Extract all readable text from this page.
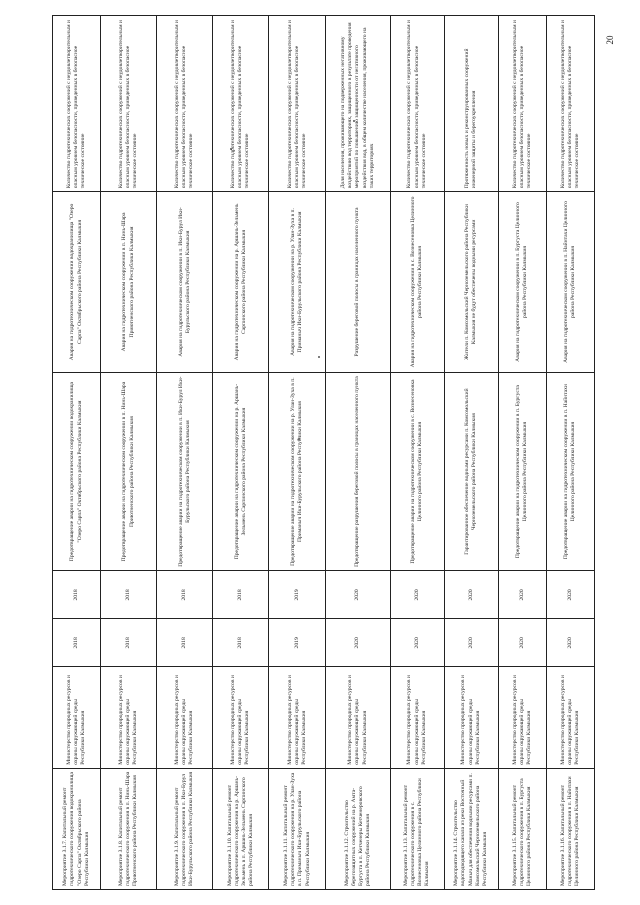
20
Мероприятие 3.1.7. Капитальный ремонт гидротехнического сооружения водохранилища "Озеро Сарпа" Октябрьского района Республики Калмыкия	Министерство природных ресурсов и охраны окружающей среды Республики Калмыкия	2018	2018	Предотвращение аварии на гидротехническом сооружении водохранилища "Озеро Сарпа" Октябрьского района Республики Калмыкия	Авария на гидротехническом сооружении водохранилища "Озеро Сарпа" Октябрьского района Республики Калмыкия	Количество гидротехнических сооружений с неудовлетворительным и опасным уровнем безопасности, приведенных в безопасное техническое состояние
Мероприятие 3.1.8. Капитальный ремонт гидротехнического сооружения в п. Нинь-Шара Приютненского района Республики Калмыкия	Министерство природных ресурсов и охраны окружающей среды Республики Калмыкия	2018	2018	Предотвращение аварии на гидротехническом сооружении в п. Нинь-Шара Приютненского района Республики Калмыкия	Авария на гидротехническом сооружении в п. Нинь-Шара Приютненского района Республики Калмыкия	Количество гидротехнических сооружений с неудовлетворительным и опасным уровнем безопасности, приведенных в безопасное техническое состояние
Мероприятие 3.1.9. Капитальный ремонт гидротехнического сооружения в п. Ики-Бурул Ики-Бурульского района Республики Калмыкия	Министерство природных ресурсов и охраны окружающей среды Республики Калмыкия	2018	2018	Предотвращение аварии на гидротехническом сооружении в п. Ики-Бурул Ики-Бурульского района Республики Калмыкия	Авария на гидротехническом сооружении в п. Ики-Бурул Ики-Бурульского района Республики Калмыкия	Количество гидротехнических сооружений с неудовлетворительным и опасным уровнем безопасности, приведенных в безопасное техническое состояние
Мероприятие 3.1.10. Капитальный ремонт гидротехнического сооружения на р. Аршань-Зельмень в п. Аршань-Зельмень Сарпинского района Республики Калмыкия	Министерство природных ресурсов и охраны окружающей среды Республики Калмыкия	2018	2018	Предотвращение аварии на гидротехническом сооружении на р. Аршань-Зельмень Сарпинского района Республики Калмыкия	Авария на гидротехническом сооружении на р. Аршань-Зельмень Сарпинского района Республики Калмыкия	Количество гидротехнических сооружений с неудовлетворительным и опасным уровнем безопасности, приведенных в безопасное техническое состояние
Мероприятие 3.1.11. Капитальный ремонт гидротехнического сооружения на р. Улан-Зуха в п. Приманыч Ики-Бурульского района Республики Калмыкия	Министерство природных ресурсов и охраны окружающей среды Республики Калмыкия	2019	2019	Предотвращение аварии на гидротехническом сооружении на р. Улан-Зуха в п. Приманыч Ики-Бурульского района Республики Калмыкия	Авария на гидротехническом сооружении на р. Улан-Зуха в п. Приманыч Ики-Бурульского района Республики Калмыкия	Количество гидротехнических сооружений с неудовлетворительным и опасным уровнем безопасности, приведенных в безопасное техническое состояние
Мероприятие 3.1.12. Строительство берегозащитных сооружений на р. Амта-Бургуста в п. Кетченеры Кетченеровского района Республики Калмыкия	Министерство природных ресурсов и охраны окружающей среды Республики Калмыкия	2020	2020	Предотвращение разрушения береговой полосы в границах населенного пункта	Разрушение береговой полосы в границах населенного пункта	Доля населения, проживающего на подверженных негативному воздействию вод территориях, защищенного в результате проведения мероприятий по повышению защищенности от негативного воздействия вод, в общем количестве населения, проживающего на таких территориях
Мероприятие 3.1.13. Капитальный ремонт гидротехнического сооружения в с. Вознесеновка Целинного района Республики Калмыкия	Министерство природных ресурсов и охраны окружающей среды Республики Калмыкия	2020	2020	Предотвращение аварии на гидротехническом сооружении в с. Вознесеновка Целинного района Республики Калмыкия	Авария на гидротехническом сооружении в с. Вознесеновка Целинного района Республики Калмыкия	Количество гидротехнических сооружений с неудовлетворительным и опасным уровнем безопасности, приведенных в безопасное техническое состояние
Мероприятие 3.1.14. Строительство водоподводящего канала из реки Восточный Маныч для обеспечения водными ресурсами п. Комсомольский Черноземельского района Республики Калмыкия	Министерство природных ресурсов и охраны окружающей среды Республики Калмыкия	2020	2020	Гарантированное обеспечение водными ресурсами п. Комсомольский Черноземельского района Республики Калмыкия	Жители п. Комсомольский Черноземельского района Республики Калмыкия не будут обеспечены водными ресурсами	Протяженность новых и реконструированных сооружений инженерной защиты и берегоукрепления
Мероприятие 3.1.15. Капитальный ремонт гидротехнического сооружения в п. Бургуста Целинного района Республики Калмыкия	Министерство природных ресурсов и охраны окружающей среды Республики Калмыкия	2020	2020	Предотвращение аварии на гидротехническом сооружении в п. Бургуста Целинного района Республики Калмыкия	Авария на гидротехническом сооружении в п. Бургуста Целинного района Республики Калмыкия	Количество гидротехнических сооружений с неудовлетворительным и опасным уровнем безопасности, приведенных в безопасное техническое состояние
Мероприятие 3.1.16. Капитальный ремонт гидротехнического сооружения в п. Найнтахи Целинного района Республики Калмыкия	Министерство природных ресурсов и охраны окружающей среды Республики Калмыкия	2020	2020	Предотвращение аварии на гидротехническом сооружении в п. Найнтахи Целинного района Республики Калмыкия	Авария на гидротехническом сооружении в п. Найнтахи Целинного района Республики Калмыкия	Количество гидротехнических сооружений с неудовлетворительным и опасным уровнем безопасности, приведенных в безопасное техническое состояние
